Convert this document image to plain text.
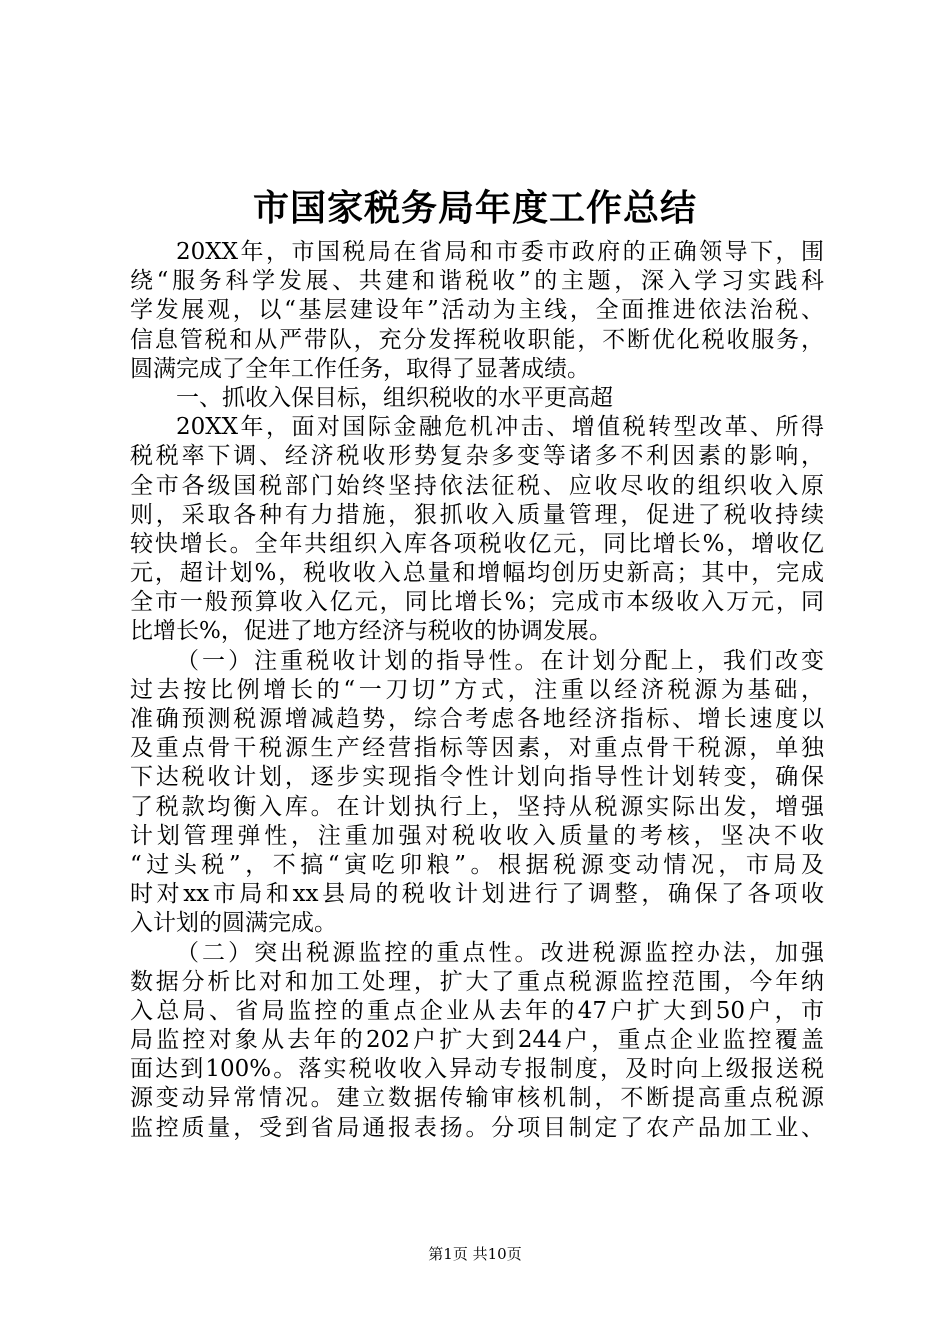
市国家税务局年度工作总结
20XX年，市国税局在省局和市委市政府的正确领导下，围
绕“服务科学发展、共建和谐税收”的主题，深入学习实践科
学发展观，以“基层建设年”活动为主线，全面推进依法治税、
信息管税和从严带队，充分发挥税收职能，不断优化税收服务，
圆满完成了全年工作任务，取得了显著成绩。
一、抓收入保目标，组织税收的水平更高超
20XX年，面对国际金融危机冲击、增值税转型改革、所得
税税率下调、经济税收形势复杂多变等诸多不利因素的影响，
全市各级国税部门始终坚持依法征税、应收尽收的组织收入原
则，采取各种有力措施，狠抓收入质量管理，促进了税收持续
较快增长。全年共组织入库各项税收亿元，同比增长%，增收亿
元，超计划%，税收收入总量和增幅均创历史新高；其中，完成
全市一般预算收入亿元，同比增长%；完成市本级收入万元，同
比增长%，促进了地方经济与税收的协调发展。
（一）注重税收计划的指导性。在计划分配上，我们改变
过去按比例增长的“一刀切”方式，注重以经济税源为基础，
准确预测税源增减趋势，综合考虑各地经济指标、增长速度以
及重点骨干税源生产经营指标等因素，对重点骨干税源，单独
下达税收计划，逐步实现指令性计划向指导性计划转变，确保
了税款均衡入库。在计划执行上，坚持从税源实际出发，增强
计划管理弹性，注重加强对税收收入质量的考核，坚决不收
“过头税”，不搞“寅吃卯粮”。根据税源变动情况，市局及
时对xx市局和xx县局的税收计划进行了调整，确保了各项收
入计划的圆满完成。
（二）突出税源监控的重点性。改进税源监控办法，加强
数据分析比对和加工处理，扩大了重点税源监控范围，今年纳
入总局、省局监控的重点企业从去年的47户扩大到50户，市
局监控对象从去年的202户扩大到244户，重点企业监控覆盖
面达到100%。落实税收收入异动专报制度，及时向上级报送税
源变动异常情况。建立数据传输审核机制，不断提高重点税源
监控质量，受到省局通报表扬。分项目制定了农产品加工业、
第1页 共10页
